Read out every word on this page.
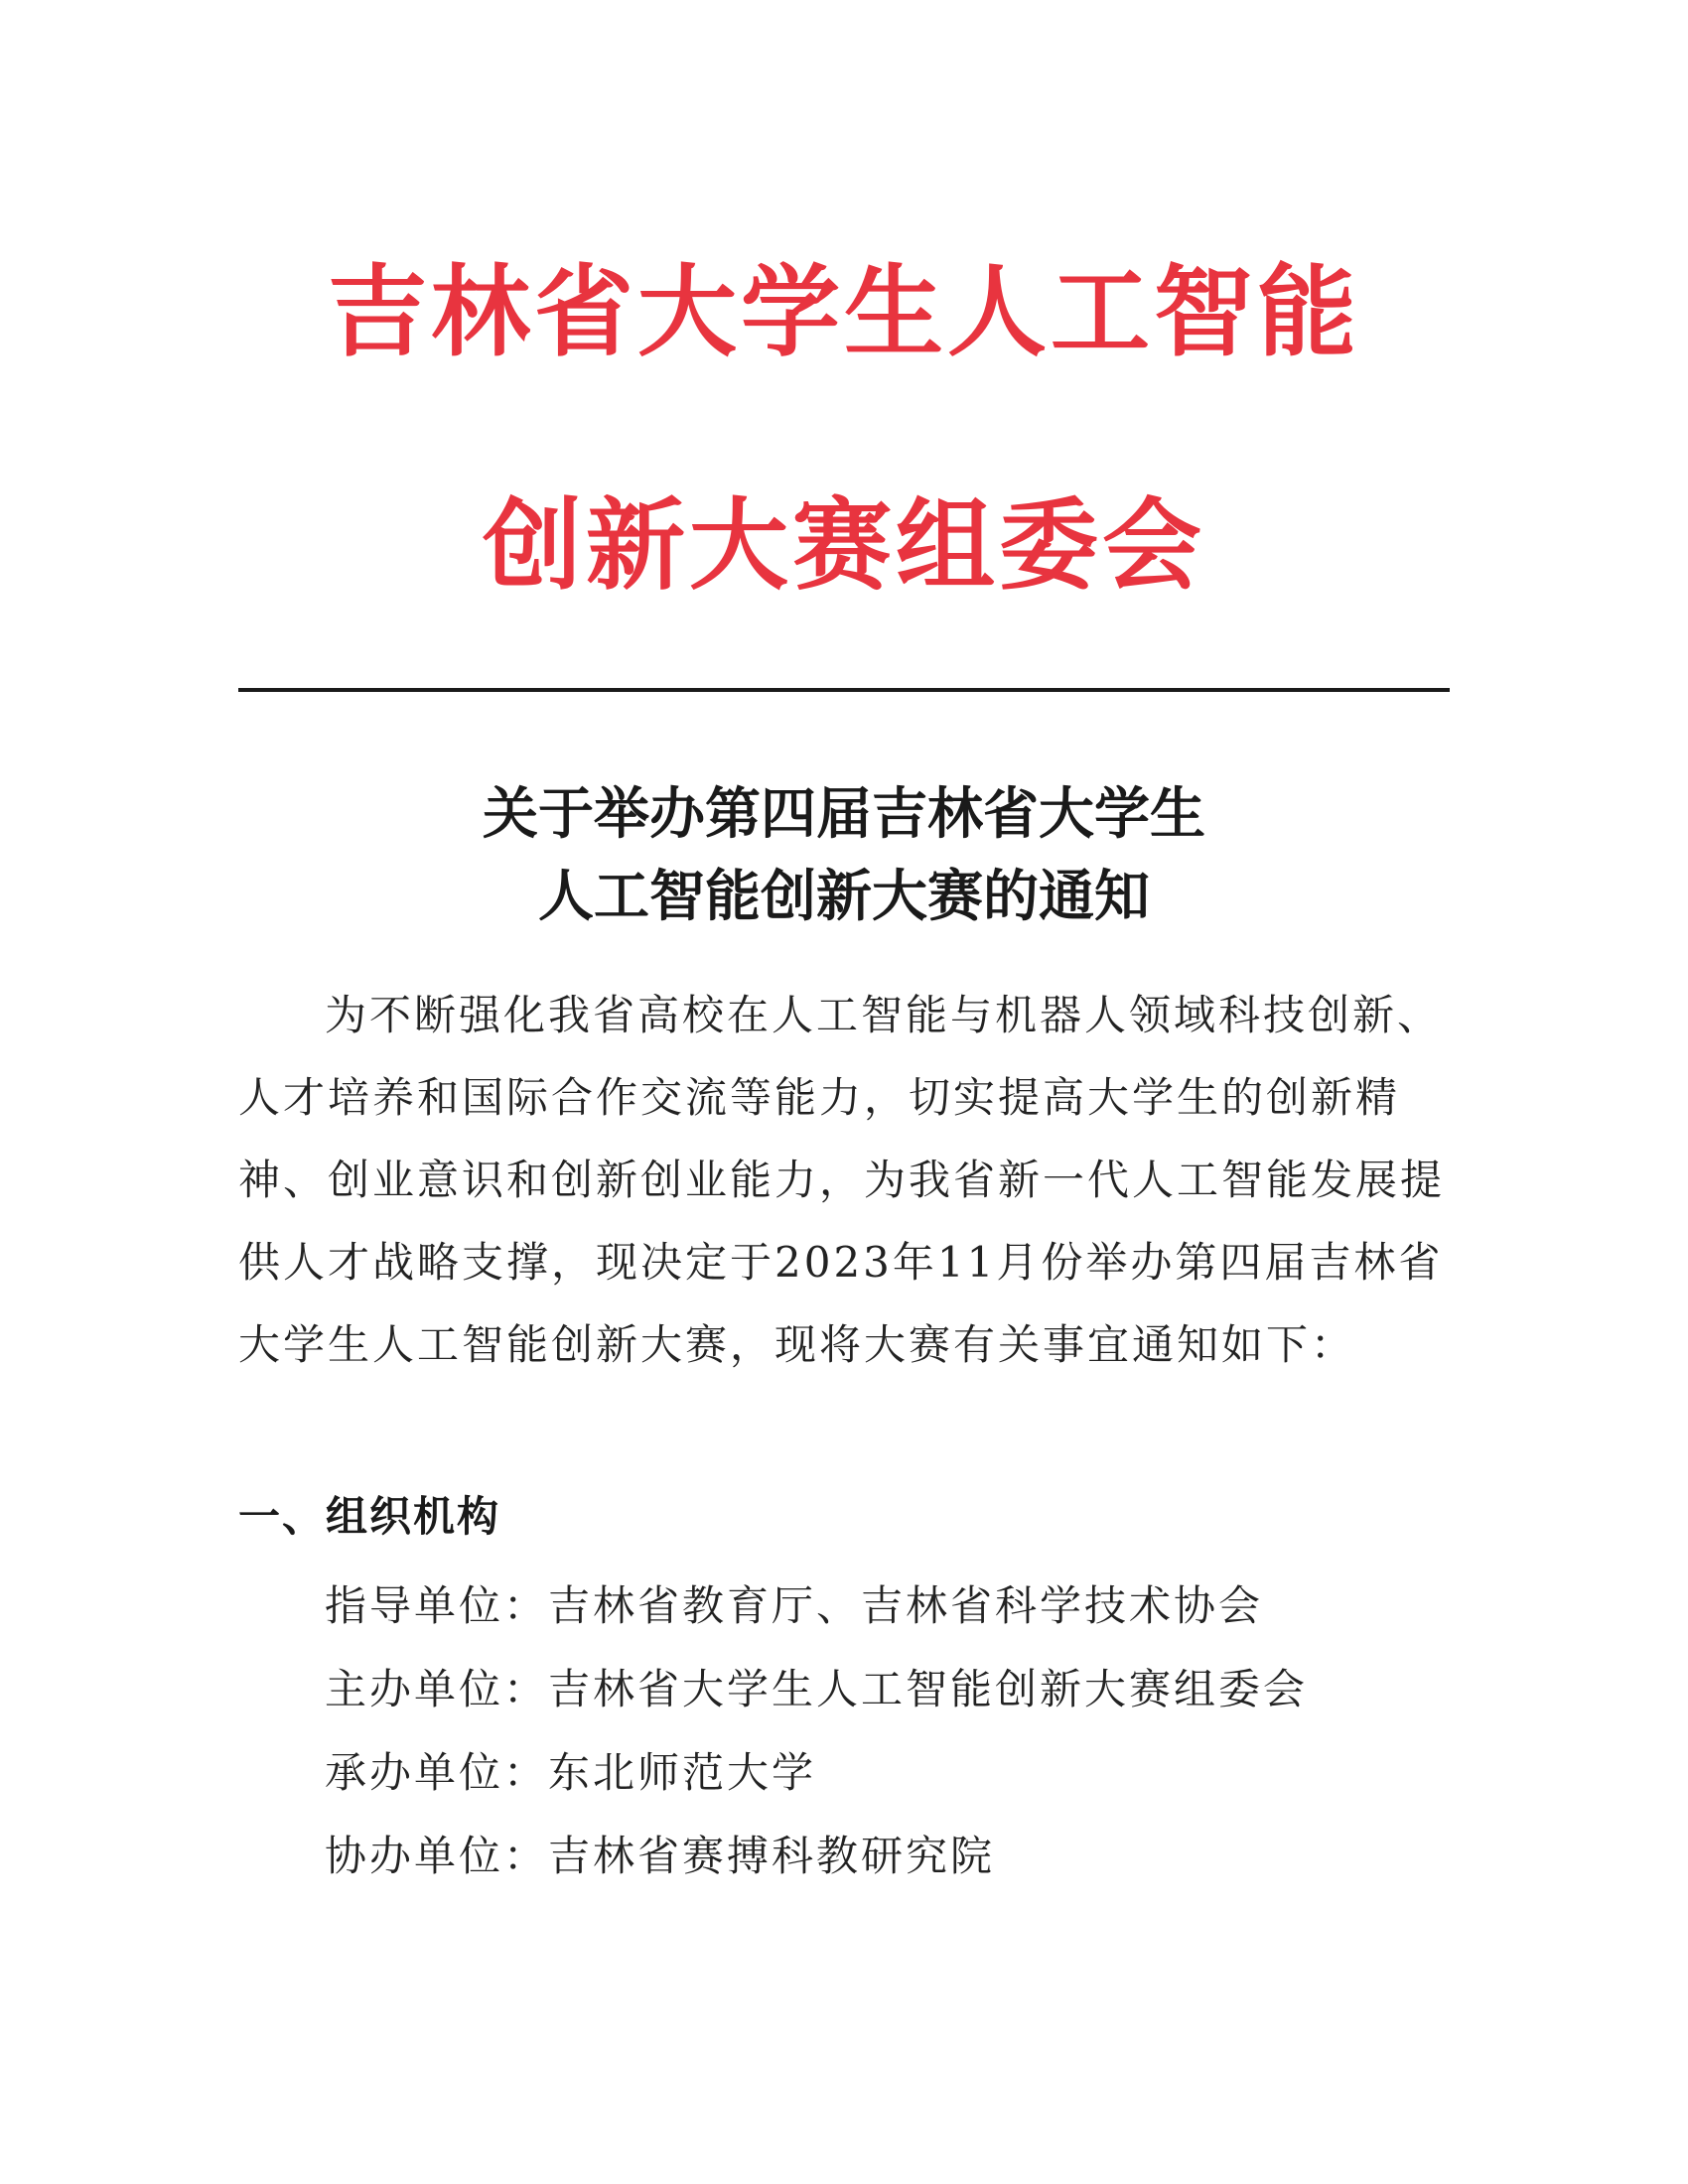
吉林省大学生人工智能
创新大赛组委会
关于举办第四届吉林省大学生
人工智能创新大赛的通知
为不断强化我省高校在人工智能与机器人领域科技创新、
人才培养和国际合作交流等能力，切实提高大学生的创新精
神、创业意识和创新创业能力，为我省新一代人工智能发展提
供人才战略支撑，现决定于2023年11月份举办第四届吉林省
大学生人工智能创新大赛，现将大赛有关事宜通知如下：
一、组织机构
指导单位：吉林省教育厅、吉林省科学技术协会
主办单位：吉林省大学生人工智能创新大赛组委会
承办单位：东北师范大学
协办单位：吉林省赛搏科教研究院
